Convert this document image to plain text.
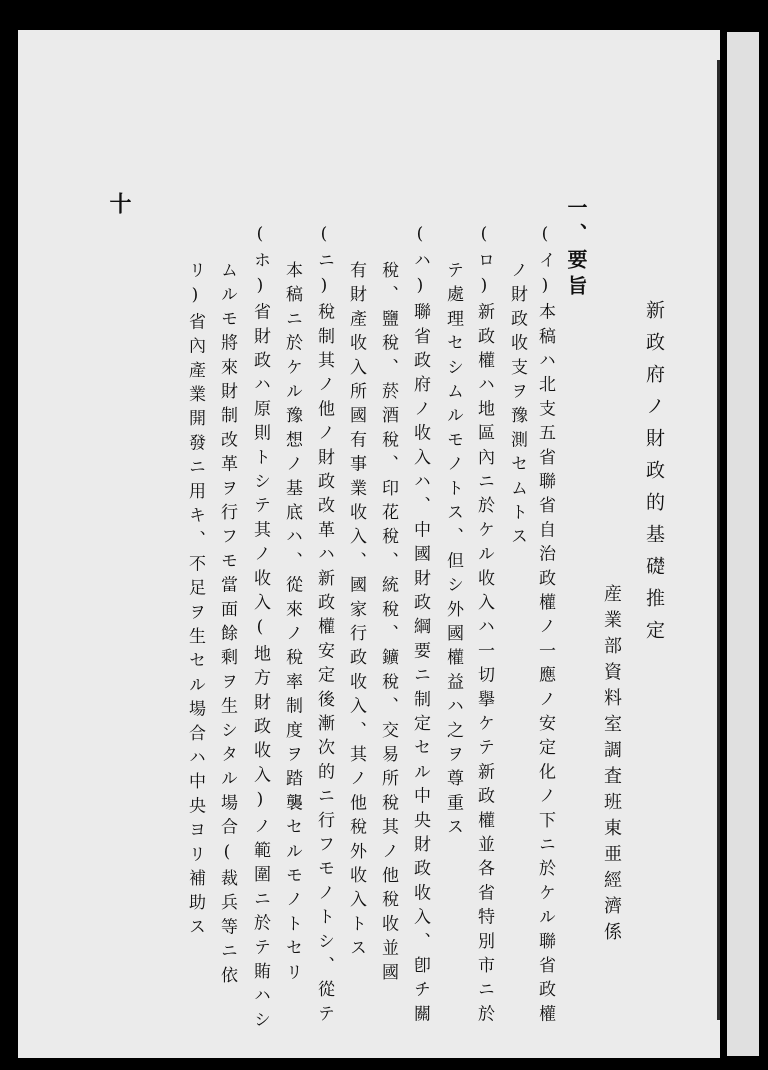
新政府ノ財政的基礎推定
産業部資料室調査班東亜經濟係
一、要旨
(イ)本稿ハ北支五省聯省自治政權ノ一應ノ安定化ノ下ニ於ケル聯省政權
ノ財政收支ヲ豫測セムトス
(ロ)新政權ハ地區內ニ於ケル收入ハ一切擧ケテ新政權並各省特別市ニ於
テ處理セシムルモノトス、但シ外國權益ハ之ヲ尊重ス
(ハ)聯省政府ノ收入ハ、中國財政綱要ニ制定セル中央財政收入、卽チ關
稅、鹽稅、菸酒稅、印花稅、統稅、鑛稅、交易所稅其ノ他稅收並國
有財產收入所國有事業收入、國家行政收入、其ノ他稅外收入トス
(ニ)稅制其ノ他ノ財政改革ハ新政權安定後漸次的ニ行フモノトシ、從テ
本稿ニ於ケル豫想ノ基底ハ、從來ノ稅率制度ヲ踏襲セルモノトセリ
(ホ)省財政ハ原則トシテ其ノ收入(地方財政收入)ノ範圍ニ於テ賄ハシ
ムルモ將來財制改革ヲ行フモ當面餘剩ヲ生シタル場合(裁兵等ニ依
リ)省內產業開發ニ用キ、不足ヲ生セル場合ハ中央ヨリ補助ス
十
